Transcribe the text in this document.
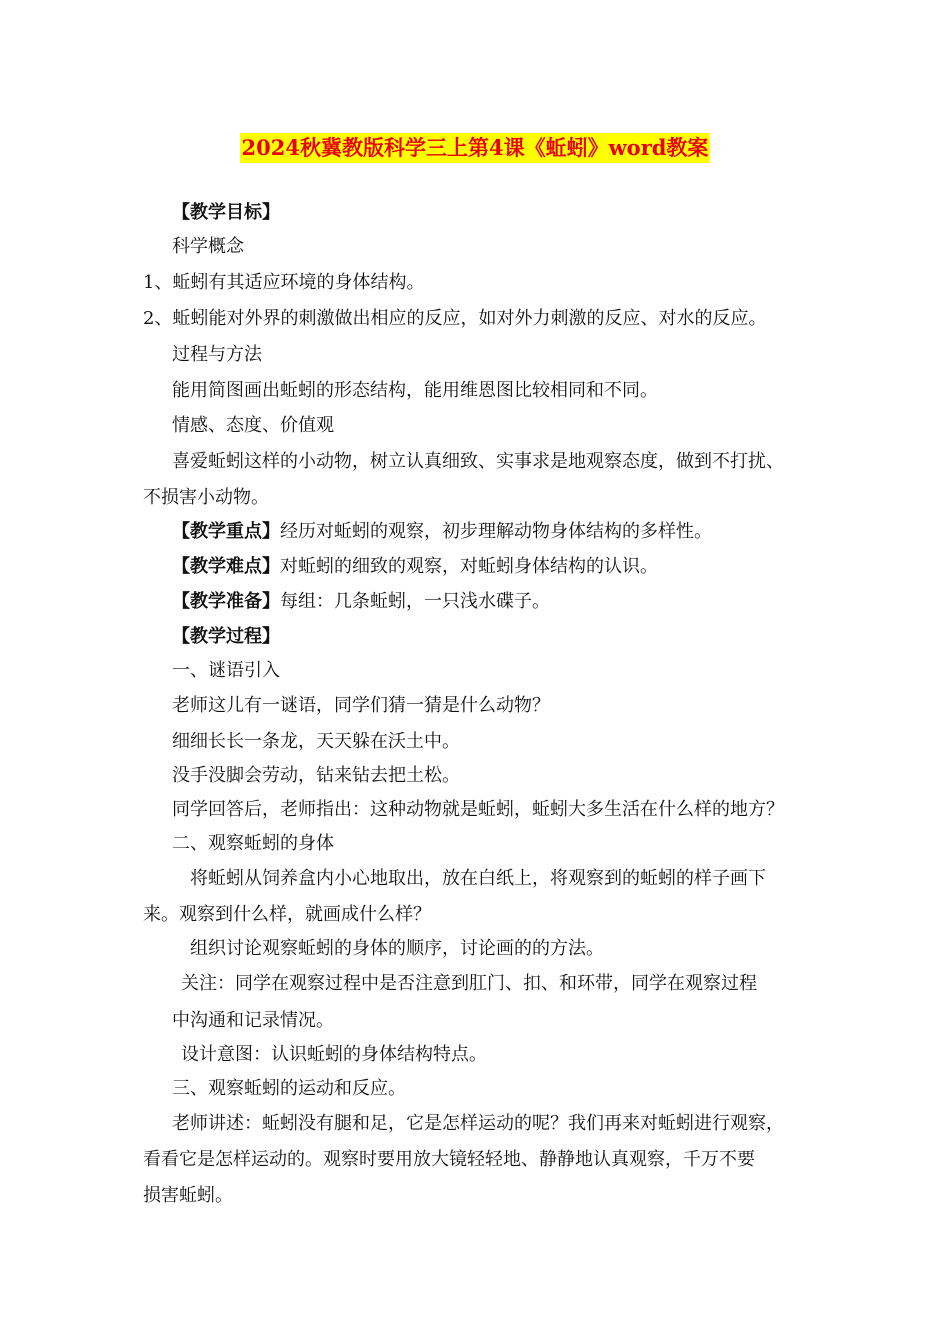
2024秋冀教版科学三上第4课《蚯蚓》word教案
【教学目标】
科学概念
1、蚯蚓有其适应环境的身体结构。
2、蚯蚓能对外界的刺激做出相应的反应，如对外力刺激的反应、对水的反应。
过程与方法
能用简图画出蚯蚓的形态结构，能用维恩图比较相同和不同。
情感、态度、价值观
喜爱蚯蚓这样的小动物，树立认真细致、实事求是地观察态度，做到不打扰、
不损害小动物。
【教学重点】经历对蚯蚓的观察，初步理解动物身体结构的多样性。
【教学难点】对蚯蚓的细致的观察，对蚯蚓身体结构的认识。
【教学准备】每组：几条蚯蚓，一只浅水碟子。
【教学过程】
一、谜语引入
老师这儿有一谜语，同学们猜一猜是什么动物？
细细长长一条龙，天天躲在沃土中。
没手没脚会劳动，钻来钻去把土松。
同学回答后，老师指出：这种动物就是蚯蚓，蚯蚓大多生活在什么样的地方？
二、观察蚯蚓的身体
将蚯蚓从饲养盒内小心地取出，放在白纸上，将观察到的蚯蚓的样子画下
来。观察到什么样，就画成什么样？
组织讨论观察蚯蚓的身体的顺序，讨论画的的方法。
关注：同学在观察过程中是否注意到肛门、扣、和环带，同学在观察过程
中沟通和记录情况。
设计意图：认识蚯蚓的身体结构特点。
三、观察蚯蚓的运动和反应。
老师讲述：蚯蚓没有腿和足，它是怎样运动的呢？我们再来对蚯蚓进行观察，
看看它是怎样运动的。观察时要用放大镜轻轻地、静静地认真观察，千万不要
损害蚯蚓。
